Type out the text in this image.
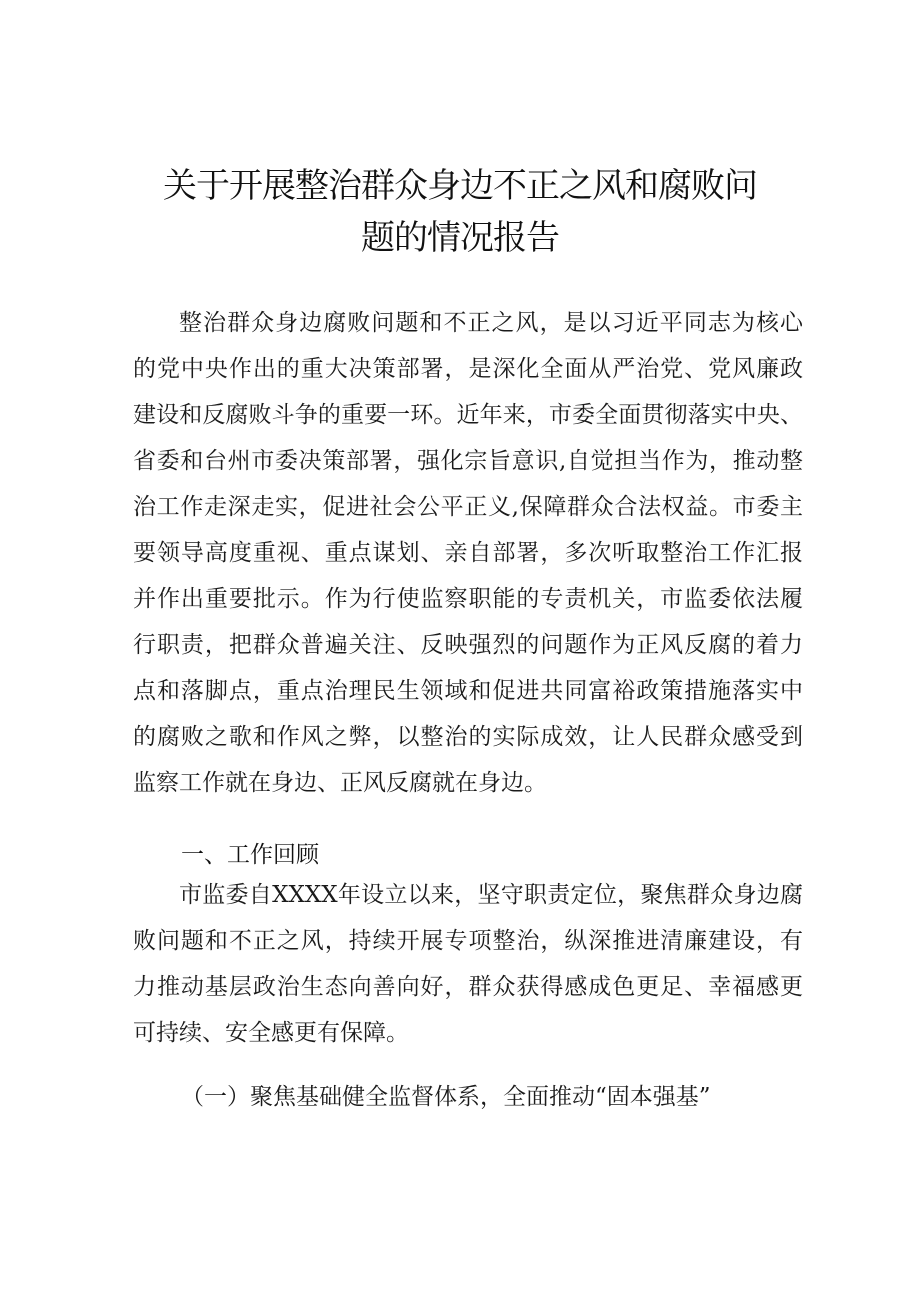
关于开展整治群众身边不正之风和腐败问
题的情况报告
整治群众身边腐败问题和不正之风，是以习近平同志为核心
的党中央作出的重大决策部署，是深化全面从严治党、党风廉政
建设和反腐败斗争的重要一环。近年来，市委全面贯彻落实中央、
省委和台州市委决策部署，强化宗旨意识,自觉担当作为，推动整
治工作走深走实，促进社会公平正义,保障群众合法权益。市委主
要领导高度重视、重点谋划、亲自部署，多次听取整治工作汇报
并作出重要批示。作为行使监察职能的专责机关，市监委依法履
行职责，把群众普遍关注、反映强烈的问题作为正风反腐的着力
点和落脚点，重点治理民生领域和促进共同富裕政策措施落实中
的腐败之歌和作风之弊，以整治的实际成效，让人民群众感受到
监察工作就在身边、正风反腐就在身边。
一、工作回顾
市监委自XXXX年设立以来，坚守职责定位，聚焦群众身边腐
败问题和不正之风，持续开展专项整治，纵深推进清廉建设，有
力推动基层政治生态向善向好，群众获得感成色更足、幸福感更
可持续、安全感更有保障。
（一）聚焦基础健全监督体系，全面推动“固本强基”
